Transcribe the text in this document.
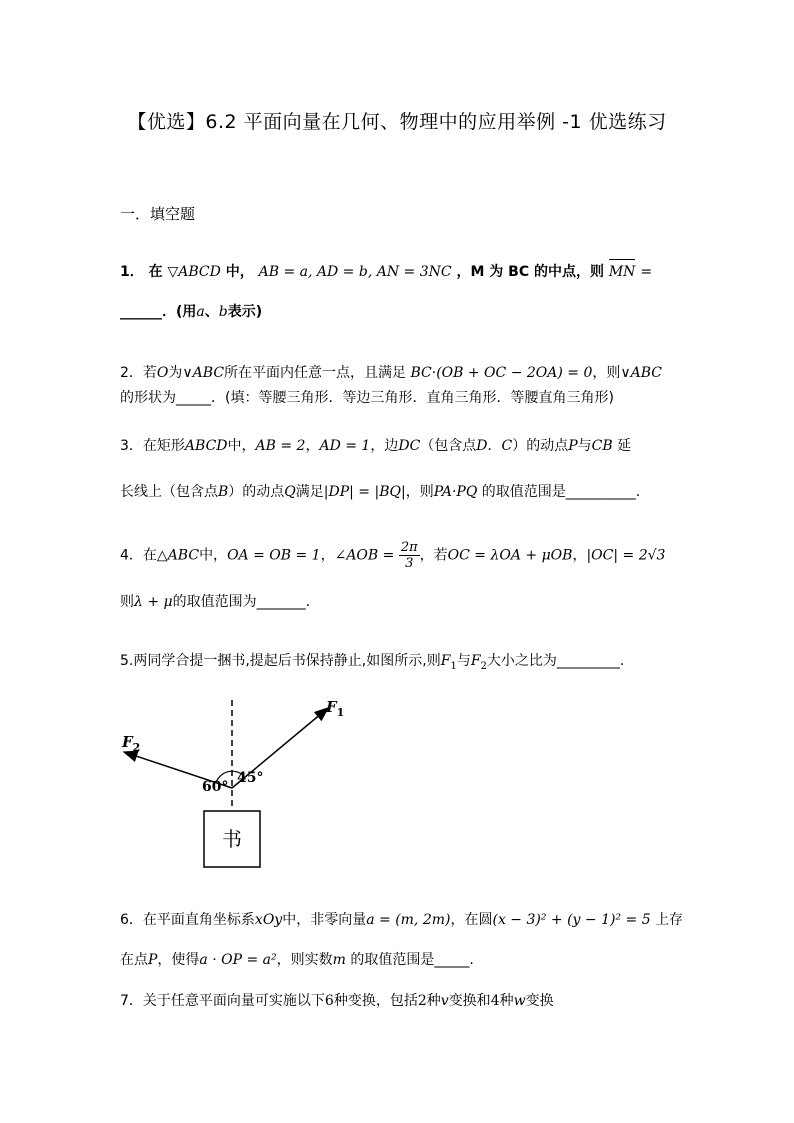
【优选】6.2 平面向量在几何、物理中的应用举例 -1 优选练习
一．填空题
1． 在 ▽ABCD 中， AB = a, AD = b, AN = 3NC ，M 为 BC 的中点，则 MN =
______．(用a、b表示)
2．若O为∨ABC所在平面内任意一点，且满足 BC·(OB + OC − 2OA) = 0，则∨ABC
的形状为_____．(填：等腰三角形．等边三角形．直角三角形．等腰直角三角形)
3．在矩形ABCD中，AB = 2，AD = 1，边DC（包含点D．C）的动点P与CB 延
长线上（包含点B）的动点Q满足|DP| = |BQ|，则PA·PQ 的取值范围是__________.
4．在△ABC中，OA = OB = 1，∠AOB = $\frac{2\pi}{3}$ ，若OC = λOA + μOB，|OC| = 2√3
则λ + μ的取值范围为_______.
5.两同学合提一捆书,提起后书保持静止,如图所示,则$F_1$与$F_2$大小之比为_________.
$F_1$
$F_2$
60°
45°
书
6．在平面直角坐标系xOy中，非零向量a = (m, 2m)，在圆(x − 3)² + (y − 1)² = 5 上存
在点P，使得a · OP = a²，则实数m 的取值范围是_____.
7．关于任意平面向量可实施以下6种变换，包括2种v变换和4种w变换
